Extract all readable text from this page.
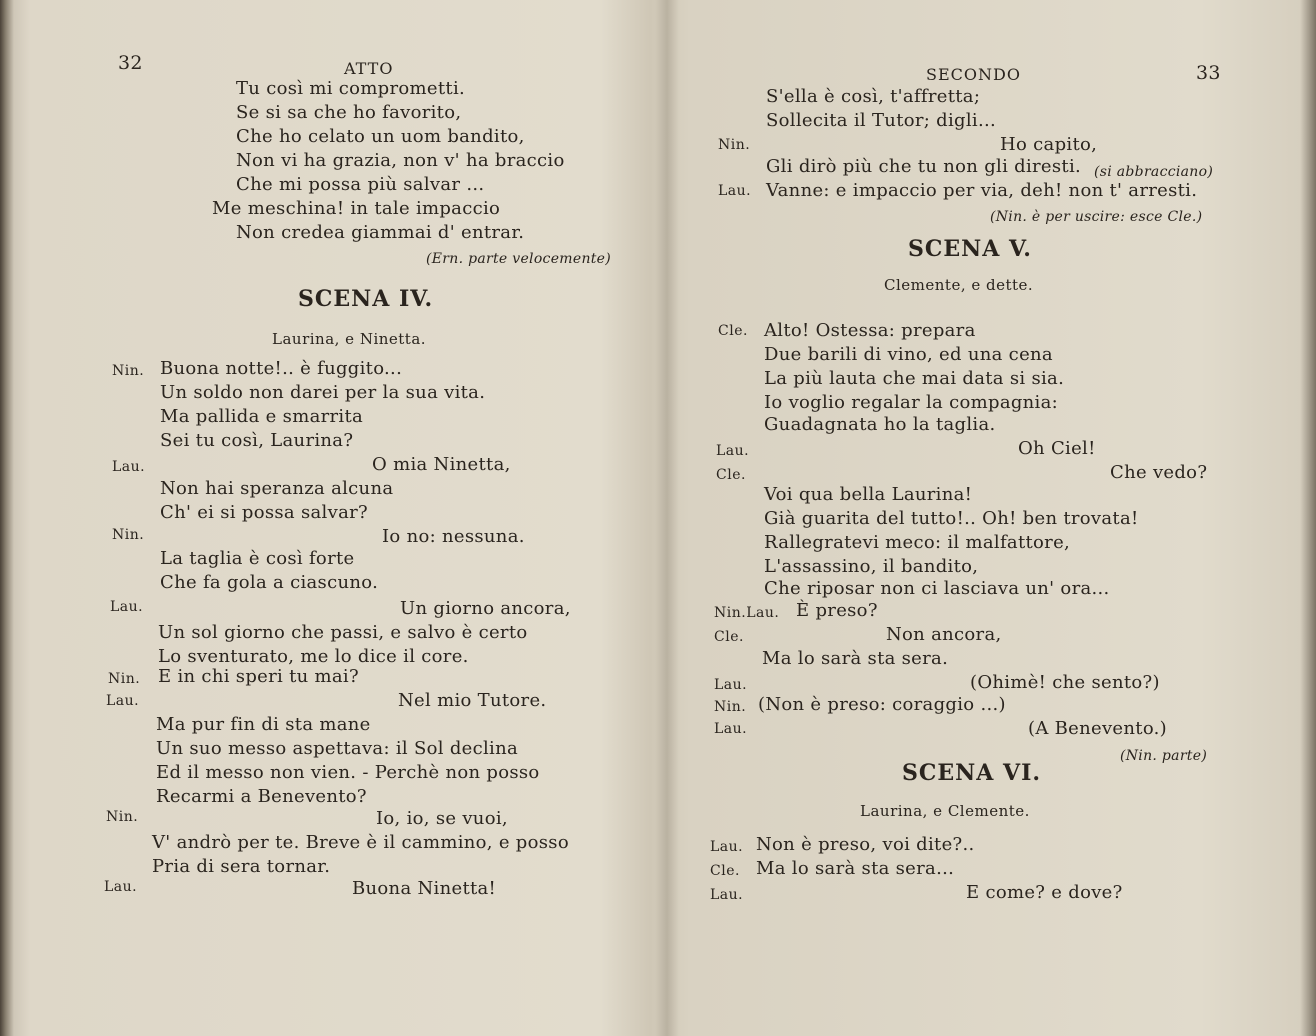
32	ATTO
Tu così mi comprometti.
Se si sa che ho favorito,
Che ho celato un uom bandito,
Non vi ha grazia, non v' ha braccio
Che mi possa più salvar ...
Me meschina! in tale impaccio
Non credea giammai d' entrar.
(Ern. parte velocemente)
SCENA IV.
Laurina, e Ninetta.
Nin. Buona notte!.. è fuggito...
Un soldo non darei per la sua vita.
Ma pallida e smarrita
Sei tu così, Laurina?
Lau.	O mia Ninetta,
Non hai speranza alcuna
Ch' ei si possa salvar?
Nin.	Io no: nessuna.
La taglia è così forte
Che fa gola a ciascuno.
Lau.	Un giorno ancora,
Un sol giorno che passi, e salvo è certo
Lo sventurato, me lo dice il core.
Nin. E in chi speri tu mai?
Lau.	Nel mio Tutore.
Ma pur fin di sta mane
Un suo messo aspettava: il Sol declina
Ed il messo non vien. - Perchè non posso
Recarmi a Benevento?
Nin.	Io, io, se vuoi,
V' andrò per te. Breve è il cammino, e posso
Pria di sera tornar.
Lau.	Buona Ninetta!
SECONDO	33
S'ella è così, t'affretta;
Sollecita il Tutor; digli...
Nin.	Ho capito,
Gli dirò più che tu non gli diresti. (si abbracciano)
Lau. Vanne: e impaccio per via, deh! non t' arresti.
(Nin. è per uscire: esce Cle.)
SCENA V.
Clemente, e dette.
Cle. Alto! Ostessa: prepara
Due barili di vino, ed una cena
La più lauta che mai data si sia.
Io voglio regalar la compagnia:
Guadagnata ho la taglia.
Lau.	Oh Ciel!
Cle.	Che vedo?
Voi qua bella Laurina!
Già guarita del tutto!.. Oh! ben trovata!
Rallegratevi meco: il malfattore,
L'assassino, il bandito,
Che riposar non ci lasciava un' ora...
Nin.Lau. È preso?
Cle.	Non ancora,
Ma lo sarà sta sera.
Lau.	(Ohimè! che sento?)
Nin. (Non è preso: coraggio ...)
Lau.	(A Benevento.)
(Nin. parte)
SCENA VI.
Laurina, e Clemente.
Lau. Non è preso, voi dite?..
Cle. Ma lo sarà sta sera...
Lau.	E come? e dove?
